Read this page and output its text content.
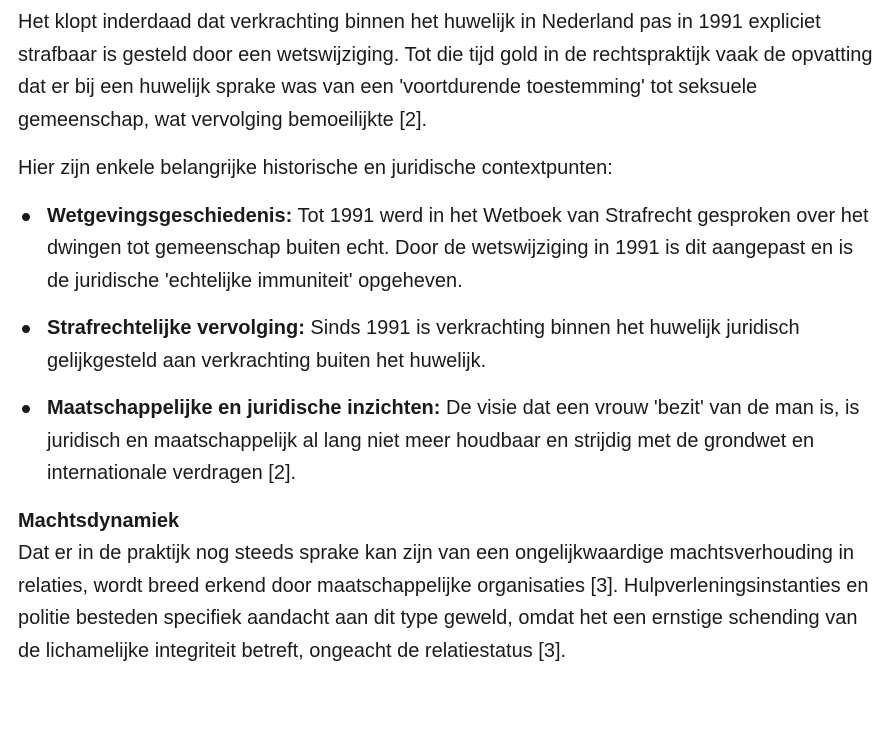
Het klopt inderdaad dat verkrachting binnen het huwelijk in Nederland pas in 1991 expliciet strafbaar is gesteld door een wetswijziging. Tot die tijd gold in de rechtspraktijk vaak de opvatting dat er bij een huwelijk sprake was van een 'voortdurende toestemming' tot seksuele gemeenschap, wat vervolging bemoeilijkte [2].

Hier zijn enkele belangrijke historische en juridische contextpunten:

Wetgevingsgeschiedenis: Tot 1991 werd in het Wetboek van Strafrecht gesproken over het dwingen tot gemeenschap buiten echt. Door de wetswijziging in 1991 is dit aangepast en is de juridische 'echtelijke immuniteit' opgeheven.
Strafrechtelijke vervolging: Sinds 1991 is verkrachting binnen het huwelijk juridisch gelijkgesteld aan verkrachting buiten het huwelijk.
Maatschappelijke en juridische inzichten: De visie dat een vrouw 'bezit' van de man is, is juridisch en maatschappelijk al lang niet meer houdbaar en strijdig met de grondwet en internationale verdragen [2].
Machtsdynamiek

Dat er in de praktijk nog steeds sprake kan zijn van een ongelijkwaardige machtsverhouding in relaties, wordt breed erkend door maatschappelijke organisaties [3]. Hulpverleningsinstanties en politie besteden specifiek aandacht aan dit type geweld, omdat het een ernstige schending van de lichamelijke integriteit betreft, ongeacht de relatiestatus [3].
